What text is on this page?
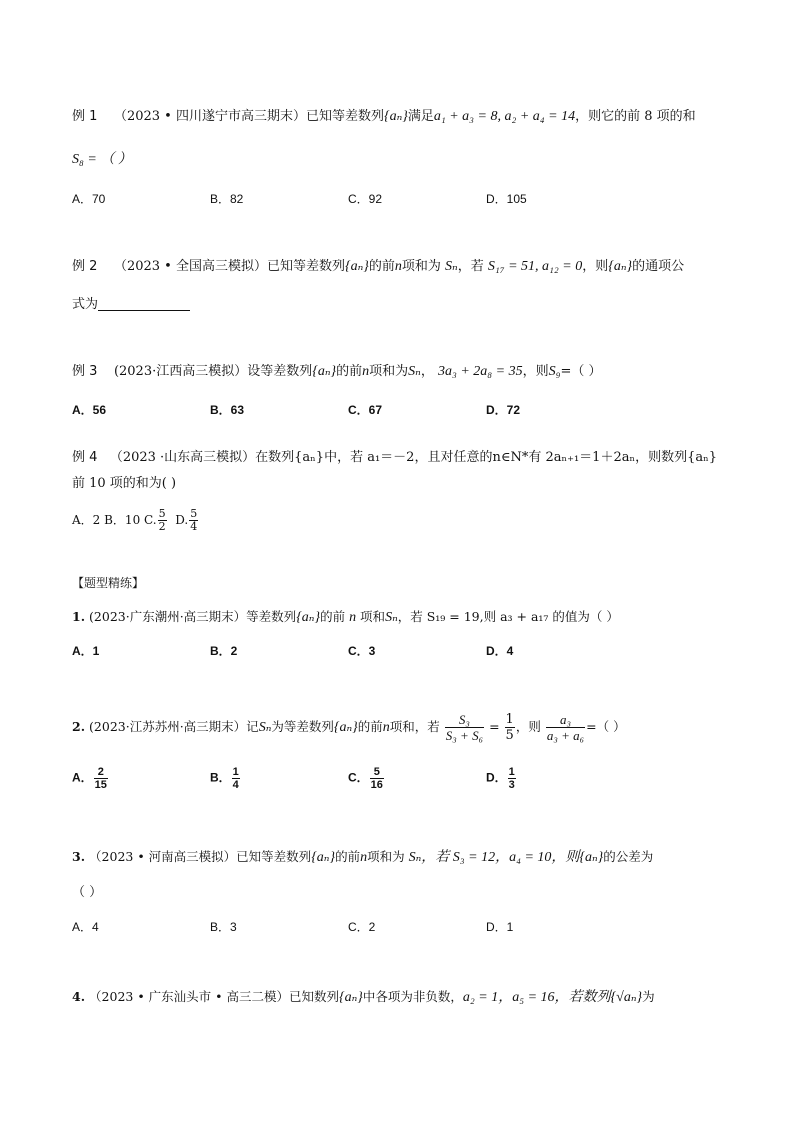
例 1 （2023 • 四川遂宁市高三期末）已知等差数列{aₙ}满足a₁ + a₃ = 8, a₂ + a₄ = 14，则它的前 8 项的和
S₈ = （ ）
A．70	B．82	C．92	D．105
例 2 （2023 • 全国高三模拟）已知等差数列{aₙ}的前n项和为 Sₙ，若 S₁₇ = 51, a₁₂ = 0，则{aₙ}的通项公
式为
例 3 (2023·江西高三模拟）设等差数列{aₙ}的前n项和为Sₙ， 3a₃ + 2a₈ = 35，则S₉=（ ）
A．56	B．63	C．67	D．72
例 4 （2023 ·山东高三模拟）在数列{aₙ}中，若 a₁＝－2，且对任意的n∈N*有 2aₙ₊₁＝1＋2aₙ，则数列{aₙ}
前 10 项的和为( )
A．2 B．10 C. $\frac{5}{2} D$. $\frac{5}{4}$
【题型精练】
1. (2023·广东潮州·高三期末）等差数列{aₙ}的前 n 项和Sₙ，若 S₁₉ = 19,则 a₃ + a₁₇ 的值为（ ）
A．1	B．2	C．3	D．4
2. (2023·江苏苏州·高三期末）记Sₙ为等差数列{aₙ}的前n项和，若 $\frac{\text{S₃}}{\text{S₃ + S₆}} = \frac{1}{5}$ ，则 $\frac{\text{a₃}}{\text{a₃ + a₆}}$ =（ ）
A． $\frac{2}{15}$	B． $\frac{1}{4}$	C． $\frac{5}{16}$	D． $\frac{1}{3}$
3. （2023 • 河南高三模拟）已知等差数列{aₙ}的前n项和为 Sₙ，若 S₃ = 12，a₄ = 10，则{aₙ}的公差为
（ ）
A．4	B．3	C．2	D．1
4. （2023 • 广东汕头市 • 高三二模）已知数列{aₙ}中各项为非负数，a₂ = 1，a₅ = 16，若数列{√aₙ}为
